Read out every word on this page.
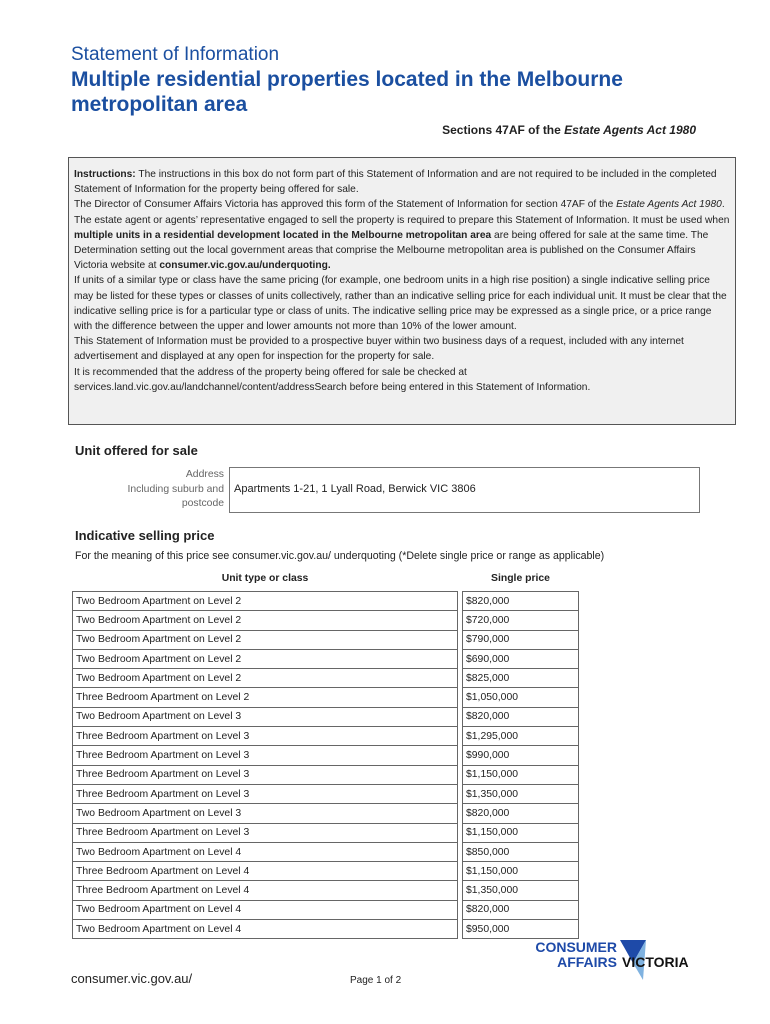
Statement of Information
Multiple residential properties located in the Melbourne metropolitan area
Sections 47AF of the Estate Agents Act 1980

Instructions: The instructions in this box do not form part of this Statement of Information and are not required to be included in the completed Statement of Information for the property being offered for sale.

The Director of Consumer Affairs Victoria has approved this form of the Statement of Information for section 47AF of the Estate Agents Act 1980.

The estate agent or agents’ representative engaged to sell the property is required to prepare this Statement of Information. It must be used when multiple units in a residential development located in the Melbourne metropolitan area are being offered for sale at the same time. The Determination setting out the local government areas that comprise the Melbourne metropolitan area is published on the Consumer Affairs Victoria website at consumer.vic.gov.au/underquoting.

If units of a similar type or class have the same pricing (for example, one bedroom units in a high rise position) a single indicative selling price may be listed for these types or classes of units collectively, rather than an indicative selling price for each individual unit. It must be clear that the indicative selling price is for a particular type or class of units. The indicative selling price may be expressed as a single price, or a price range with the difference between the upper and lower amounts not more than 10% of the lower amount.

This Statement of Information must be provided to a prospective buyer within two business days of a request, included with any internet advertisement and displayed at any open for inspection for the property for sale.

It is recommended that the address of the property being offered for sale be checked at services.land.vic.gov.au/landchannel/content/addressSearch before being entered in this Statement of Information.

Unit offered for sale
Address
Including suburb and
postcode
Apartments 1-21, 1 Lyall Road, Berwick VIC 3806
Indicative selling price
For the meaning of this price see consumer.vic.gov.au/ underquoting (*Delete single price or range as applicable)
Unit type or class		Single price
Two Bedroom Apartment on Level 2		$820,000
Two Bedroom Apartment on Level 2		$720,000
Two Bedroom Apartment on Level 2		$790,000
Two Bedroom Apartment on Level 2		$690,000
Two Bedroom Apartment on Level 2		$825,000
Three Bedroom Apartment on Level 2		$1,050,000
Two Bedroom Apartment on Level 3		$820,000
Three Bedroom Apartment on Level 3		$1,295,000
Three Bedroom Apartment on Level 3		$990,000
Three Bedroom Apartment on Level 3		$1,150,000
Three Bedroom Apartment on Level 3		$1,350,000
Two Bedroom Apartment on Level 3		$820,000
Three Bedroom Apartment on Level 3		$1,150,000
Two Bedroom Apartment on Level 4		$850,000
Three Bedroom Apartment on Level 4		$1,150,000
Three Bedroom Apartment on Level 4		$1,350,000
Two Bedroom Apartment on Level 4		$820,000
Two Bedroom Apartment on Level 4		$950,000
consumer.vic.gov.au/	Page 1 of 2
CONSUMER
AFFAIRS VICTORIA
